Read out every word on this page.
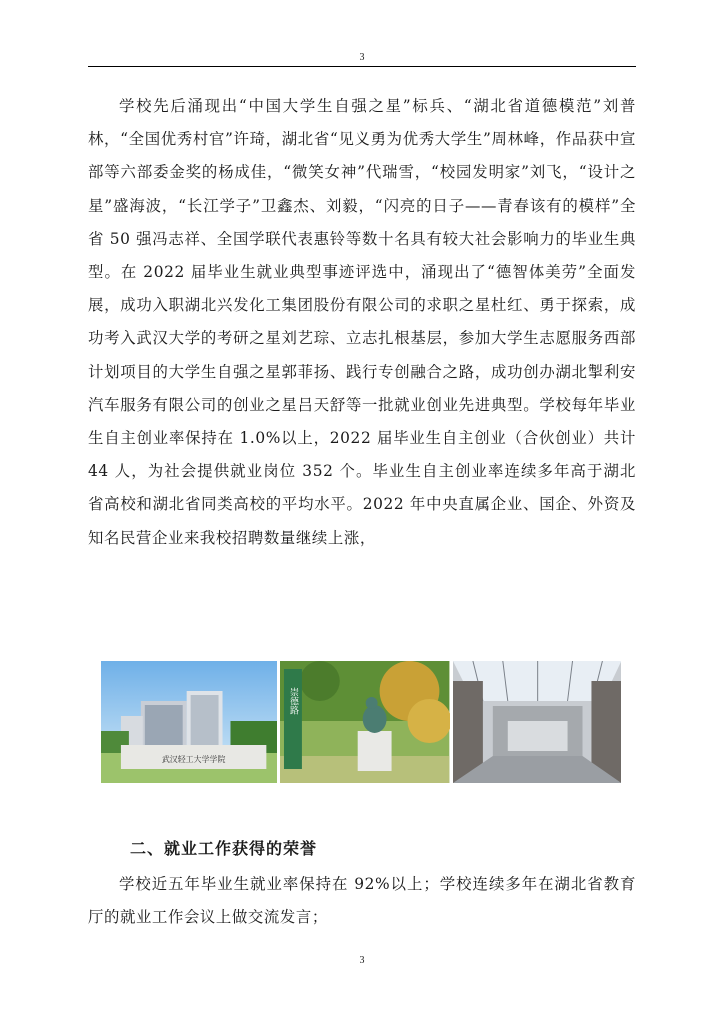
3

学校先后涌现出“中国大学生自强之星”标兵、“湖北省道德模范”刘普林，“全国优秀村官”许琦，湖北省“见义勇为优秀大学生”周林峰，作品获中宣部等六部委金奖的杨成佳，“微笑女神”代瑞雪，“校园发明家”刘飞，“设计之星”盛海波，“长江学子”卫鑫杰、刘毅，“闪亮的日子——青春该有的模样”全省 50 强冯志祥、全国学联代表惠铃等数十名具有较大社会影响力的毕业生典型。在 2022 届毕业生就业典型事迹评选中，涌现出了“德智体美劳”全面发展，成功入职湖北兴发化工集团股份有限公司的求职之星杜红、勇于探索，成功考入武汉大学的考研之星刘艺琮、立志扎根基层，参加大学生志愿服务西部计划项目的大学生自强之星郭菲扬、践行专创融合之路，成功创办湖北掣利安汽车服务有限公司的创业之星吕天舒等一批就业创业先进典型。学校每年毕业生自主创业率保持在 1.0%以上，2022 届毕业生自主创业（合伙创业）共计 44 人，为社会提供就业岗位 352 个。毕业生自主创业率连续多年高于湖北省高校和湖北省同类高校的平均水平。2022 年中央直属企业、国企、外资及知名民营企业来我校招聘数量继续上涨，

武汉轻工大学学院
崇德路
二、就业工作获得的荣誉

学校近五年毕业生就业率保持在 92%以上；学校连续多年在湖北省教育厅的就业工作会议上做交流发言；

3
